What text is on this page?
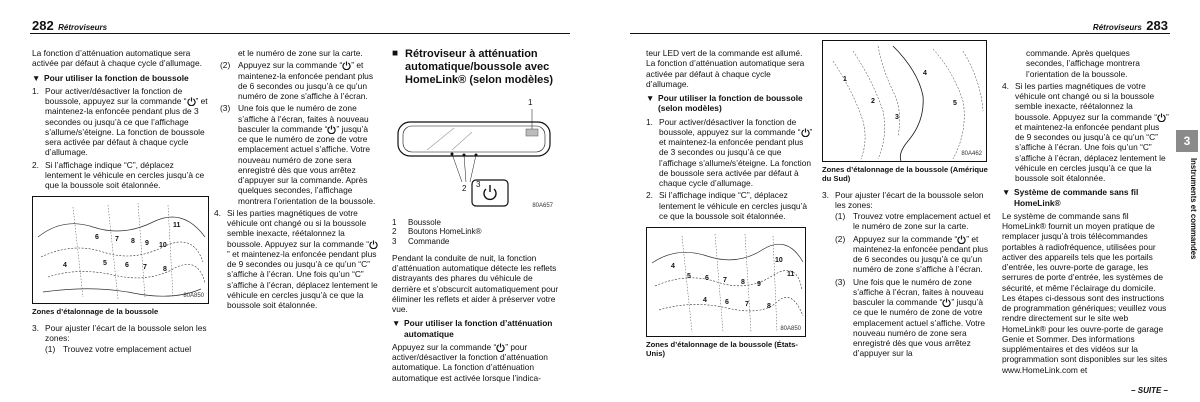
282 Rétroviseurs

La fonction d’atténuation automatique sera activée par défaut à chaque cycle d’allumage.

▼ Pour utiliser la fonction de boussole
1. Pour activer/désactiver la fonction de boussole, appuyez sur la commande “ ” et maintenez-la enfoncée pendant plus de 3 secondes ou jusqu’à ce que l’affichage s’allume/s’éteigne. La fonction de boussole sera activée par défaut à chaque cycle d’allumage.
2. Si l’affichage indique “C”, déplacez lentement le véhicule en cercles jusqu’à ce que la boussole soit étalonnée.
6 7 8 9 10
5	6 7 8
11
4
80A850
Zones d’étalonnage de la boussole
3. Pour ajuster l’écart de la boussole selon les zones:
(1) Trouvez votre emplacement actuel

et le numéro de zone sur la carte.

(2) Appuyez sur la commande “ ” et maintenez-la enfoncée pendant plus de 6 secondes ou jusqu’à ce qu’un numéro de zone s’affiche à l’écran.
(3) Une fois que le numéro de zone s’affiche à l’écran, faites à nouveau basculer la commande “ ” jusqu’à ce que le numéro de zone de votre emplacement actuel s’affiche. Votre nouveau numéro de zone sera enregistré dès que vous arrêtez d’appuyer sur la commande. Après quelques secondes, l’affichage montrera l’orientation de la boussole.
4. Si les parties magnétiques de votre véhicule ont changé ou si la boussole semble inexacte, réétalonnez la boussole. Appuyez sur la commande “” et maintenez-la enfoncée pendant plus de 9 secondes ou jusqu’à ce qu’un “C” s’affiche à l’écran. Une fois qu’un “C” s’affiche à l’écran, déplacez lentement le véhicule en cercles jusqu’à ce que la boussole soit étalonnée.
■ Rétroviseur à atténuation automatique/boussole avec HomeLink® (selon modèles)
1
2 3
80A657
1	Boussole
2	Boutons HomeLink®
3	Commande

Pendant la conduite de nuit, la fonction d’atténuation automatique détecte les reflets distrayants des phares du véhicule de derrière et s’obscurcit automatiquement pour éliminer les reflets et aider à préserver votre vue.

▼ Pour utiliser la fonction d’atténuation automatique

Appuyez sur la commande “ ” pour activer/désactiver la fonction d’atténuation automatique. La fonction d’atténuation automatique est activée lorsque l’indica-

Rétroviseurs 283

teur LED vert de la commande est allumé. La fonction d’atténuation automatique sera activée par défaut à chaque cycle d’allumage.

▼ Pour utiliser la fonction de boussole (selon modèles)
1. Pour activer/désactiver la fonction de boussole, appuyez sur la commande “ ” et maintenez-la enfoncée pendant plus de 3 secondes ou jusqu’à ce que l’affichage s’allume/s’éteigne. La fonction de boussole sera activée par défaut à chaque cycle d’allumage.
2. Si l’affichage indique “C”, déplacez lentement le véhicule en cercles jusqu’à ce que la boussole soit étalonnée.
5 6 7 8 9
4	6 7	8
10
4
11
80A850
Zones d’étalonnage de la boussole (États-Unis)
1
2
3
4
5
80A462
Zones d’étalonnage de la boussole (Amérique du Sud)
3. Pour ajuster l’écart de la boussole selon les zones:
(1) Trouvez votre emplacement actuel et le numéro de zone sur la carte.
(2) Appuyez sur la commande “ ” et maintenez-la enfoncée pendant plus de 6 secondes ou jusqu’à ce qu’un numéro de zone s’affiche à l’écran.
(3) Une fois que le numéro de zone s’affiche à l’écran, faites à nouveau basculer la commande “ ” jusqu’à ce que le numéro de zone de votre emplacement actuel s’affiche. Votre nouveau numéro de zone sera enregistré dès que vous arrêtez d’appuyer sur la

commande. Après quelques secondes, l’affichage montrera l’orientation de la boussole.

4. Si les parties magnétiques de votre véhicule ont changé ou si la boussole semble inexacte, réétalonnez la boussole. Appuyez sur la commande “ ” et maintenez-la enfoncée pendant plus de 9 secondes ou jusqu’à ce qu’un “C” s’affiche à l’écran. Une fois qu’un “C” s’affiche à l’écran, déplacez lentement le véhicule en cercles jusqu’à ce que la boussole soit étalonnée.
▼ Système de commande sans fil HomeLink®

Le système de commande sans fil HomeLink® fournit un moyen pratique de remplacer jusqu’à trois télécommandes portables à radiofréquence, utilisées pour activer des appareils tels que les portails d’entrée, les ouvre-porte de garage, les serrures de porte d’entrée, les systèmes de sécurité, et même l’éclairage du domicile. Les étapes ci-dessous sont des instructions de programmation génériques; veuillez vous rendre directement sur le site web HomeLink® pour les ouvre-porte de garage Genie et Sommer. Des informations supplémentaires et des vidéos sur la programmation sont disponibles sur les sites www.HomeLink.com et

3
Instruments et commandes
– SUITE –
